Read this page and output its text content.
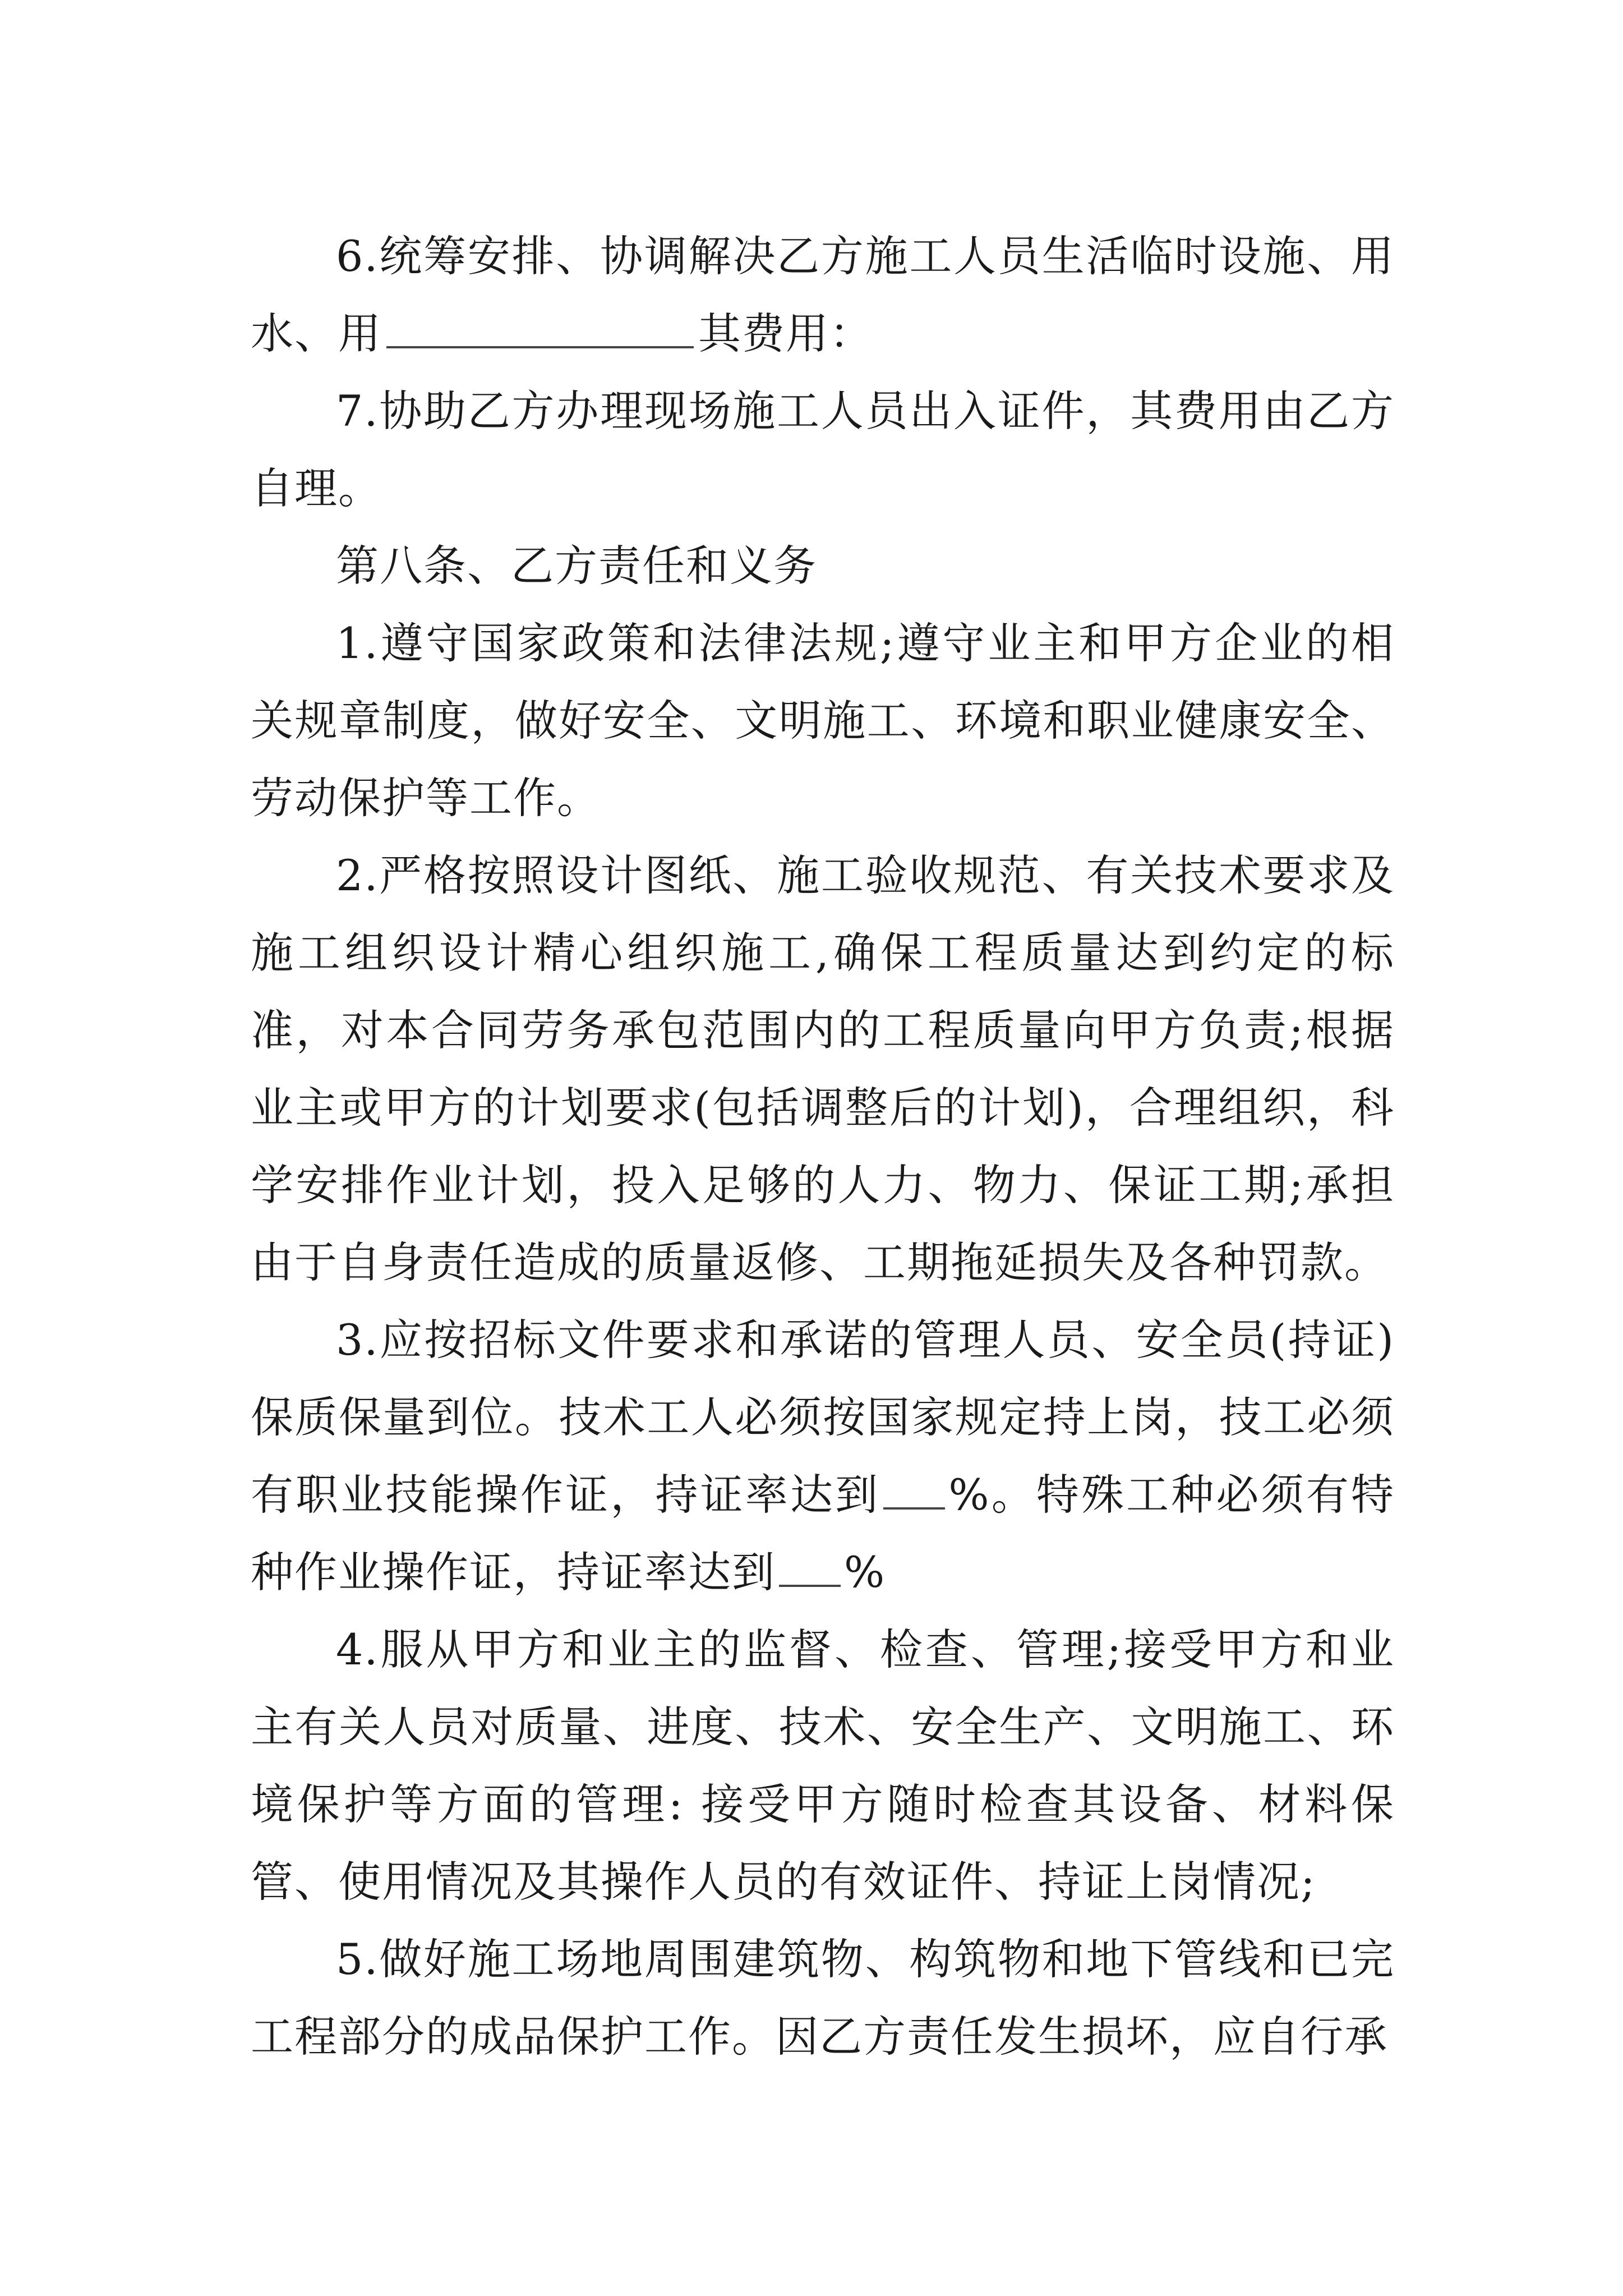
6.统筹安排、协调解决乙方施工人员生活临时设施、用水、用	其费用：

7.协助乙方办理现场施工人员出入证件，其费用由乙方自理。

第八条、乙方责任和义务

1.遵守国家政策和法律法规;遵守业主和甲方企业的相关规章制度，做好安全、文明施工、环境和职业健康安全、劳动保护等工作。

2.严格按照设计图纸、施工验收规范、有关技术要求及施工组织设计精心组织施工,确保工程质量达到约定的标准，对本合同劳务承包范围内的工程质量向甲方负责;根据业主或甲方的计划要求(包括调整后的计划)，合理组织，科学安排作业计划，投入足够的人力、物力、保证工期;承担由于自身责任造成的质量返修、工期拖延损失及各种罚款。

3.应按招标文件要求和承诺的管理人员、安全员(持证)保质保量到位。技术工人必须按国家规定持上岗，技工必须有职业技能操作证，持证率达到 %。特殊工种必须有特种作业操作证，持证率达到 %

4.服从甲方和业主的监督、检查、管理;接受甲方和业主有关人员对质量、进度、技术、安全生产、文明施工、环境保护等方面的管理: 接受甲方随时检查其设备、材料保管、使用情况及其操作人员的有效证件、持证上岗情况;

5.做好施工场地周围建筑物、构筑物和地下管线和已完工程部分的成品保护工作。因乙方责任发生损坏，应自行承
